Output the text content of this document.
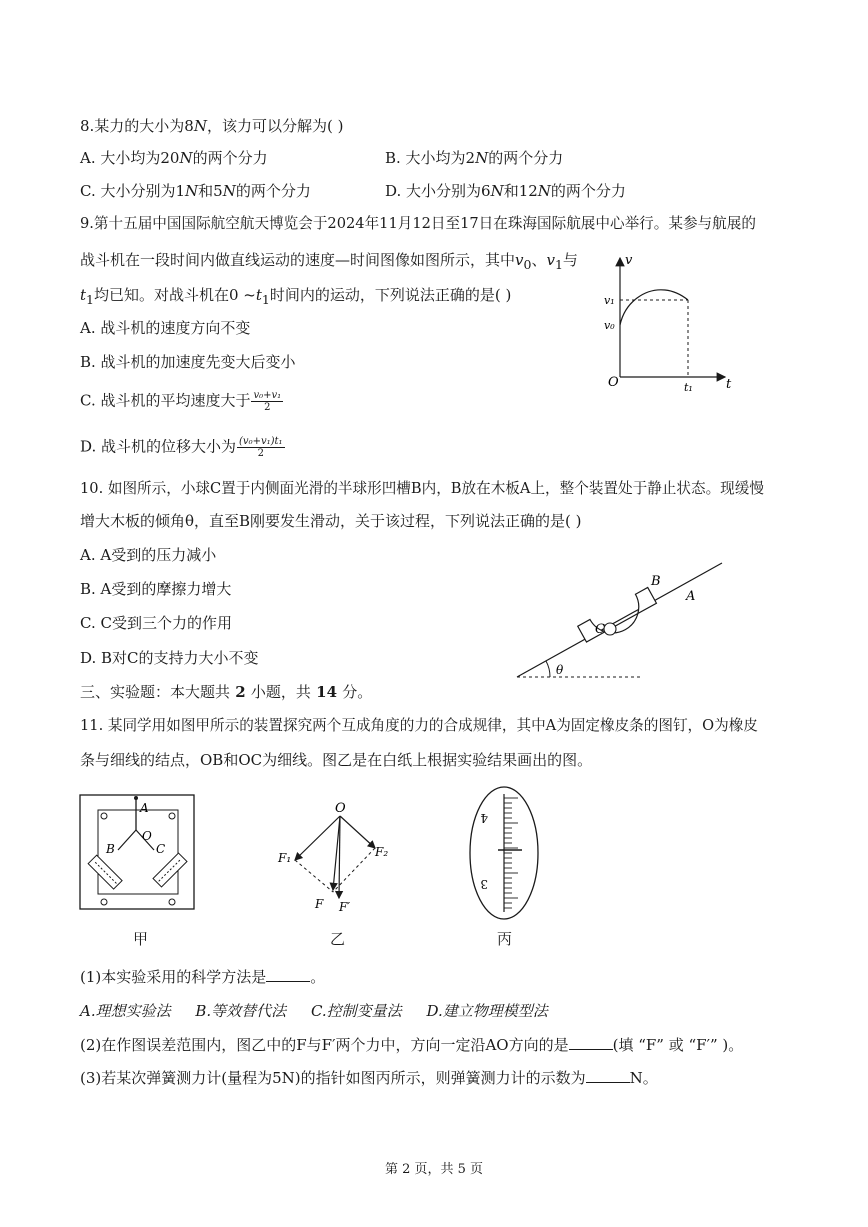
8.某力的大小为8N，该力可以分解为( )
A. 大小均为20N的两个分力	B. 大小均为2N的两个分力
C. 大小分别为1N和5N的两个分力	D. 大小分别为6N和12N的两个分力
9.第十五届中国国际航空航天博览会于2024年11月12日至17日在珠海国际航展中心举行。某参与航展的
战斗机在一段时间内做直线运动的速度—时间图像如图所示，其中$v_0$、$v_1$与
$t_1$均已知。对战斗机在0 $\sim t_1$时间内的运动，下列说法正确的是( )
A. 战斗机的速度方向不变
B. 战斗机的加速度先变大后变小
C. 战斗机的平均速度大于 $\frac{\text{v₀+v₁}}{2}$
D. 战斗机的位移大小为 $\frac{\text{(v₀+v₁)t₁}}{2}$
v
v₁
v₀
O	t₁	t
10. 如图所示，小球C置于内侧面光滑的半球形凹槽B内，B放在木板A上，整个装置处于静止状态。现缓慢
增大木板的倾角θ，直至B刚要发生滑动，关于该过程，下列说法正确的是( )
A. A受到的压力减小
B. A受到的摩擦力增大
C. C受到三个力的作用
D. B对C的支持力大小不变
θ
C
B
A
三、实验题：本大题共 2 小题，共 14 分。
11. 某同学用如图甲所示的装置探究两个互成角度的力的合成规律，其中A为固定橡皮条的图钉，O为橡皮
条与细线的结点，OB和OC为细线。图乙是在白纸上根据实验结果画出的图。
A
O
B	C
甲
O
F₁	F₂
F F′
乙
4
3
丙
(1)本实验采用的科学方法是	。
A.理想实验法 B.等效替代法 C.控制变量法 D.建立物理模型法
(2)在作图误差范围内，图乙中的F与F′两个力中，方向一定沿AO方向的是	(填 “F” 或 “F′” )。
(3)若某次弹簧测力计(量程为5N)的指针如图丙所示，则弹簧测力计的示数为	N。
第 2 页，共 5 页
